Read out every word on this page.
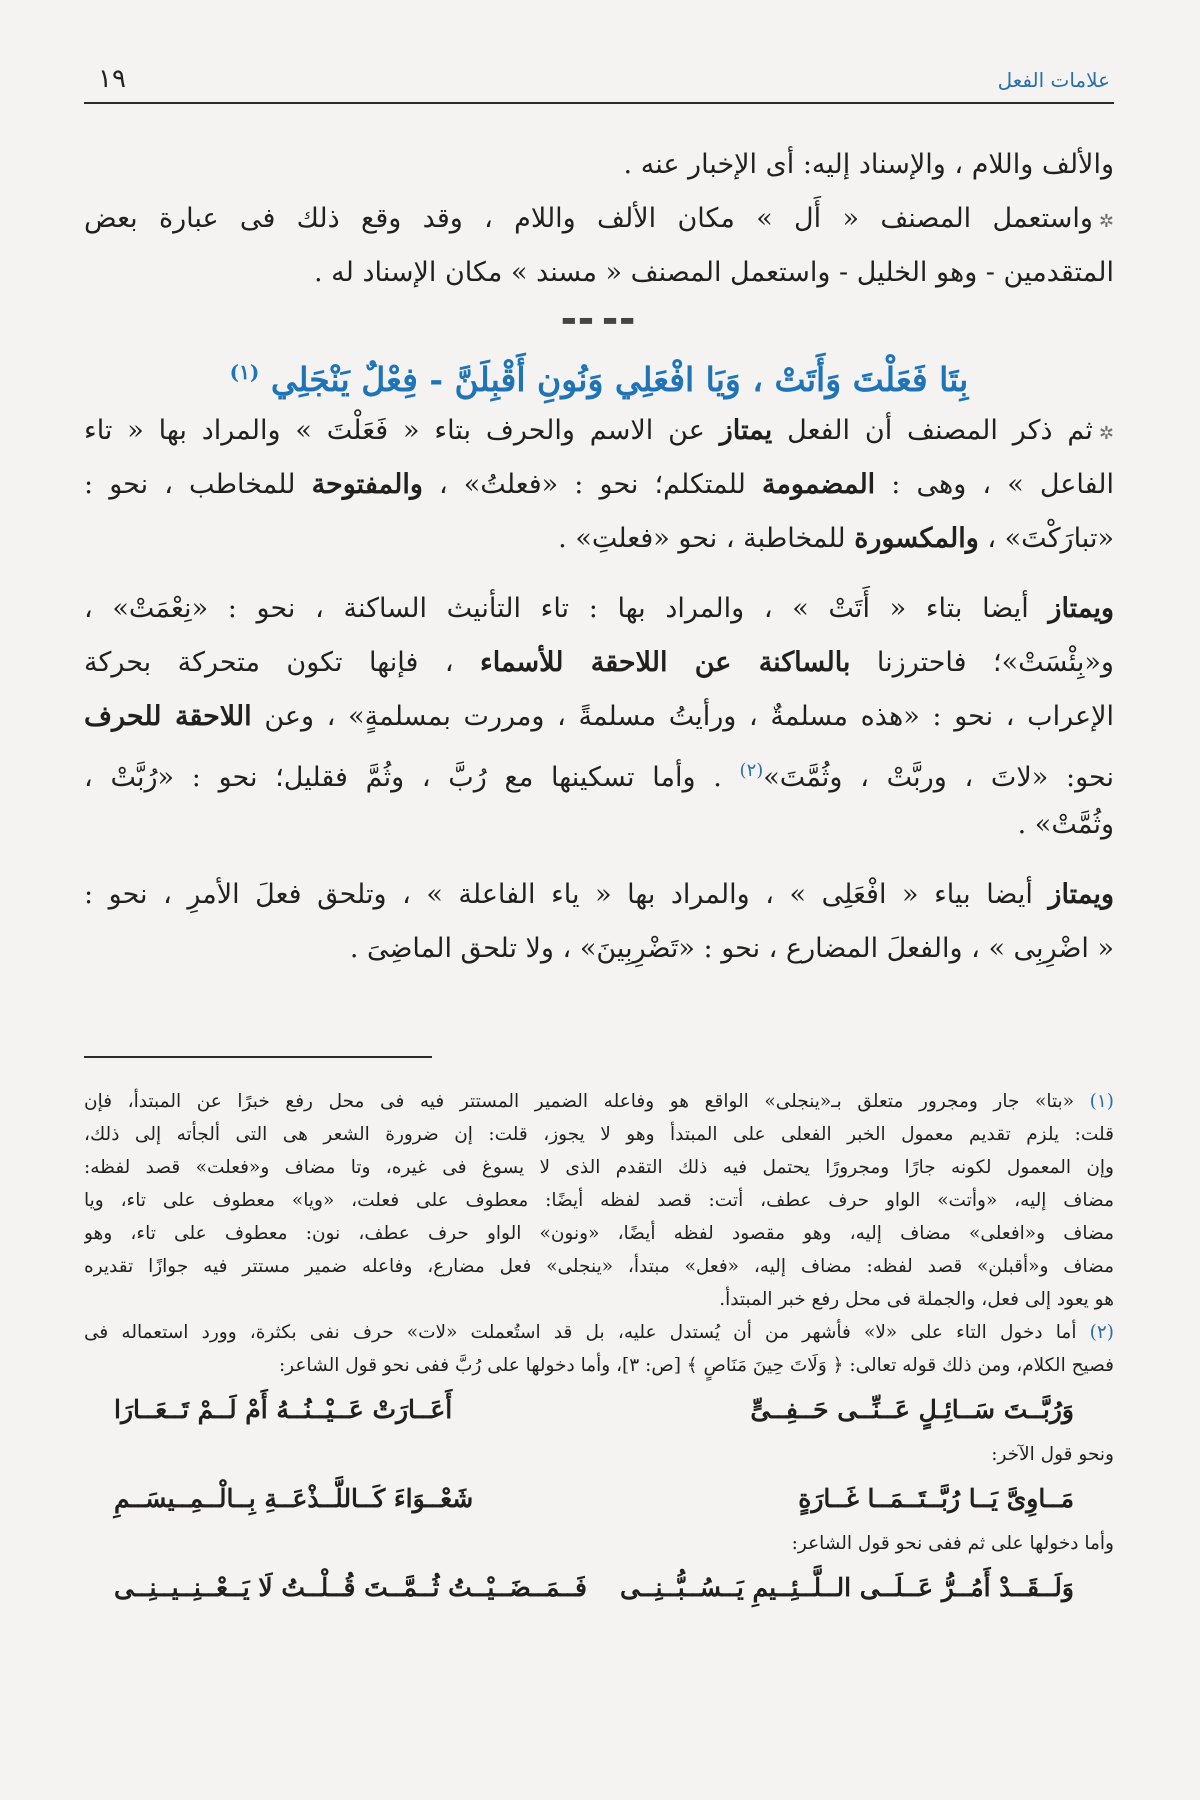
علامات الفعل
١٩
والألف واللام ، والإسناد إليه: أى الإخبار عنه .
✲واستعمل المصنف « أَل » مكان الألف واللام ، وقد وقع ذلك فى عبارة بعض
المتقدمين - وهو الخليل - واستعمل المصنف « مسند » مكان الإسناد له .
▬▬ ▬▬
بِتَا فَعَلْتَ وَأَتَتْ ، وَيَا افْعَلِي وَنُونِ أَقْبِلَنَّ - فِعْلٌ يَنْجَلِي $^{(١)}$
✲ثم ذكر المصنف أن الفعل يمتاز عن الاسم والحرف بتاء « فَعَلْتَ » والمراد بها « تاء
الفاعل » ، وهى : المضمومة للمتكلم؛ نحو : «فعلتُ» ، والمفتوحة للمخاطب ، نحو :
«تبارَكْتَ» ، والمكسورة للمخاطبة ، نحو «فعلتِ» .
ويمتاز أيضا بتاء « أَتَتْ » ، والمراد بها : تاء التأنيث الساكنة ، نحو : «نِعْمَتْ» ،
و«بِئْسَتْ»؛ فاحترزنا بالساكنة عن اللاحقة للأسماء ، فإنها تكون متحركة بحركة
الإعراب ، نحو : «هذه مسلمةٌ ، ورأيتُ مسلمةً ، ومررت بمسلمةٍ» ، وعن اللاحقة للحرف
نحو: «لاتَ ، وربَّتْ ، وثُمَّتَ»$^{(٢)}$ . وأما تسكينها مع رُبَّ ، وثُمَّ فقليل؛ نحو : «رُبَّتْ ،
وثُمَّتْ» .
ويمتاز أيضا بياء « افْعَلِى » ، والمراد بها « ياء الفاعلة » ، وتلحق فعلَ الأمرِ ، نحو :
« اضْرِبِى » ، والفعلَ المضارع ، نحو : «تَضْرِبِينَ» ، ولا تلحق الماضِىَ .
(١) «بتا» جار ومجرور متعلق بـ«ينجلى» الواقع هو وفاعله الضمير المستتر فيه فى محل رفع خبرًا عن المبتدأ، فإن
قلت: يلزم تقديم معمول الخبر الفعلى على المبتدأ وهو لا يجوز، قلت: إن ضرورة الشعر هى التى ألجأته إلى ذلك،
وإن المعمول لكونه جارًا ومجرورًا يحتمل فيه ذلك التقدم الذى لا يسوغ فى غيره، وتا مضاف و«فعلت» قصد لفظه:
مضاف إليه، «وأتت» الواو حرف عطف، أتت: قصد لفظه أيضًا: معطوف على فعلت، «ويا» معطوف على تاء، ويا
مضاف و«افعلى» مضاف إليه، وهو مقصود لفظه أيضًا، «ونون» الواو حرف عطف، نون: معطوف على تاء، وهو
مضاف و«أقبلن» قصد لفظه: مضاف إليه، «فعل» مبتدأ، «ينجلى» فعل مضارع، وفاعله ضمير مستتر فيه جوازًا تقديره
هو يعود إلى فعل، والجملة فى محل رفع خبر المبتدأ.
(٢) أما دخول التاء على «لا» فأشهر من أن يُستدل عليه، بل قد استُعملت «لات» حرف نفى بكثرة، وورد استعماله فى
فصيح الكلام، ومن ذلك قوله تعالى: ﴿ وَلَاتَ حِينَ مَنَاصٍ ﴾ [ص: ٣]، وأما دخولها على رُبَّ ففى نحو قول الشاعر:
وَرُبَّــتَ سَــائِـلٍ عَــنِّــى حَــفِــىٍّ
أَعَــارَتْ عَــيْــنُــهُ أَمْ لَــمْ تَــعَــارَا
ونحو قول الآخر:
مَــاوِىَّ يَــا رُبَّــتَــمَــا غَــارَةٍ
شَعْــوَاءَ كَــاللَّــذْعَــةِ بِــالْــمِــيسَــمِ
وأما دخولها على ثم ففى نحو قول الشاعر:
وَلَــقَــدْ أَمُــرُّ عَــلَــى الــلَّــئِــيمِ يَــسُــبُّــنِــى
فَــمَــضَــيْــتُ ثُــمَّــتَ قُــلْــتُ لَا يَــعْــنِــيــنِــى
